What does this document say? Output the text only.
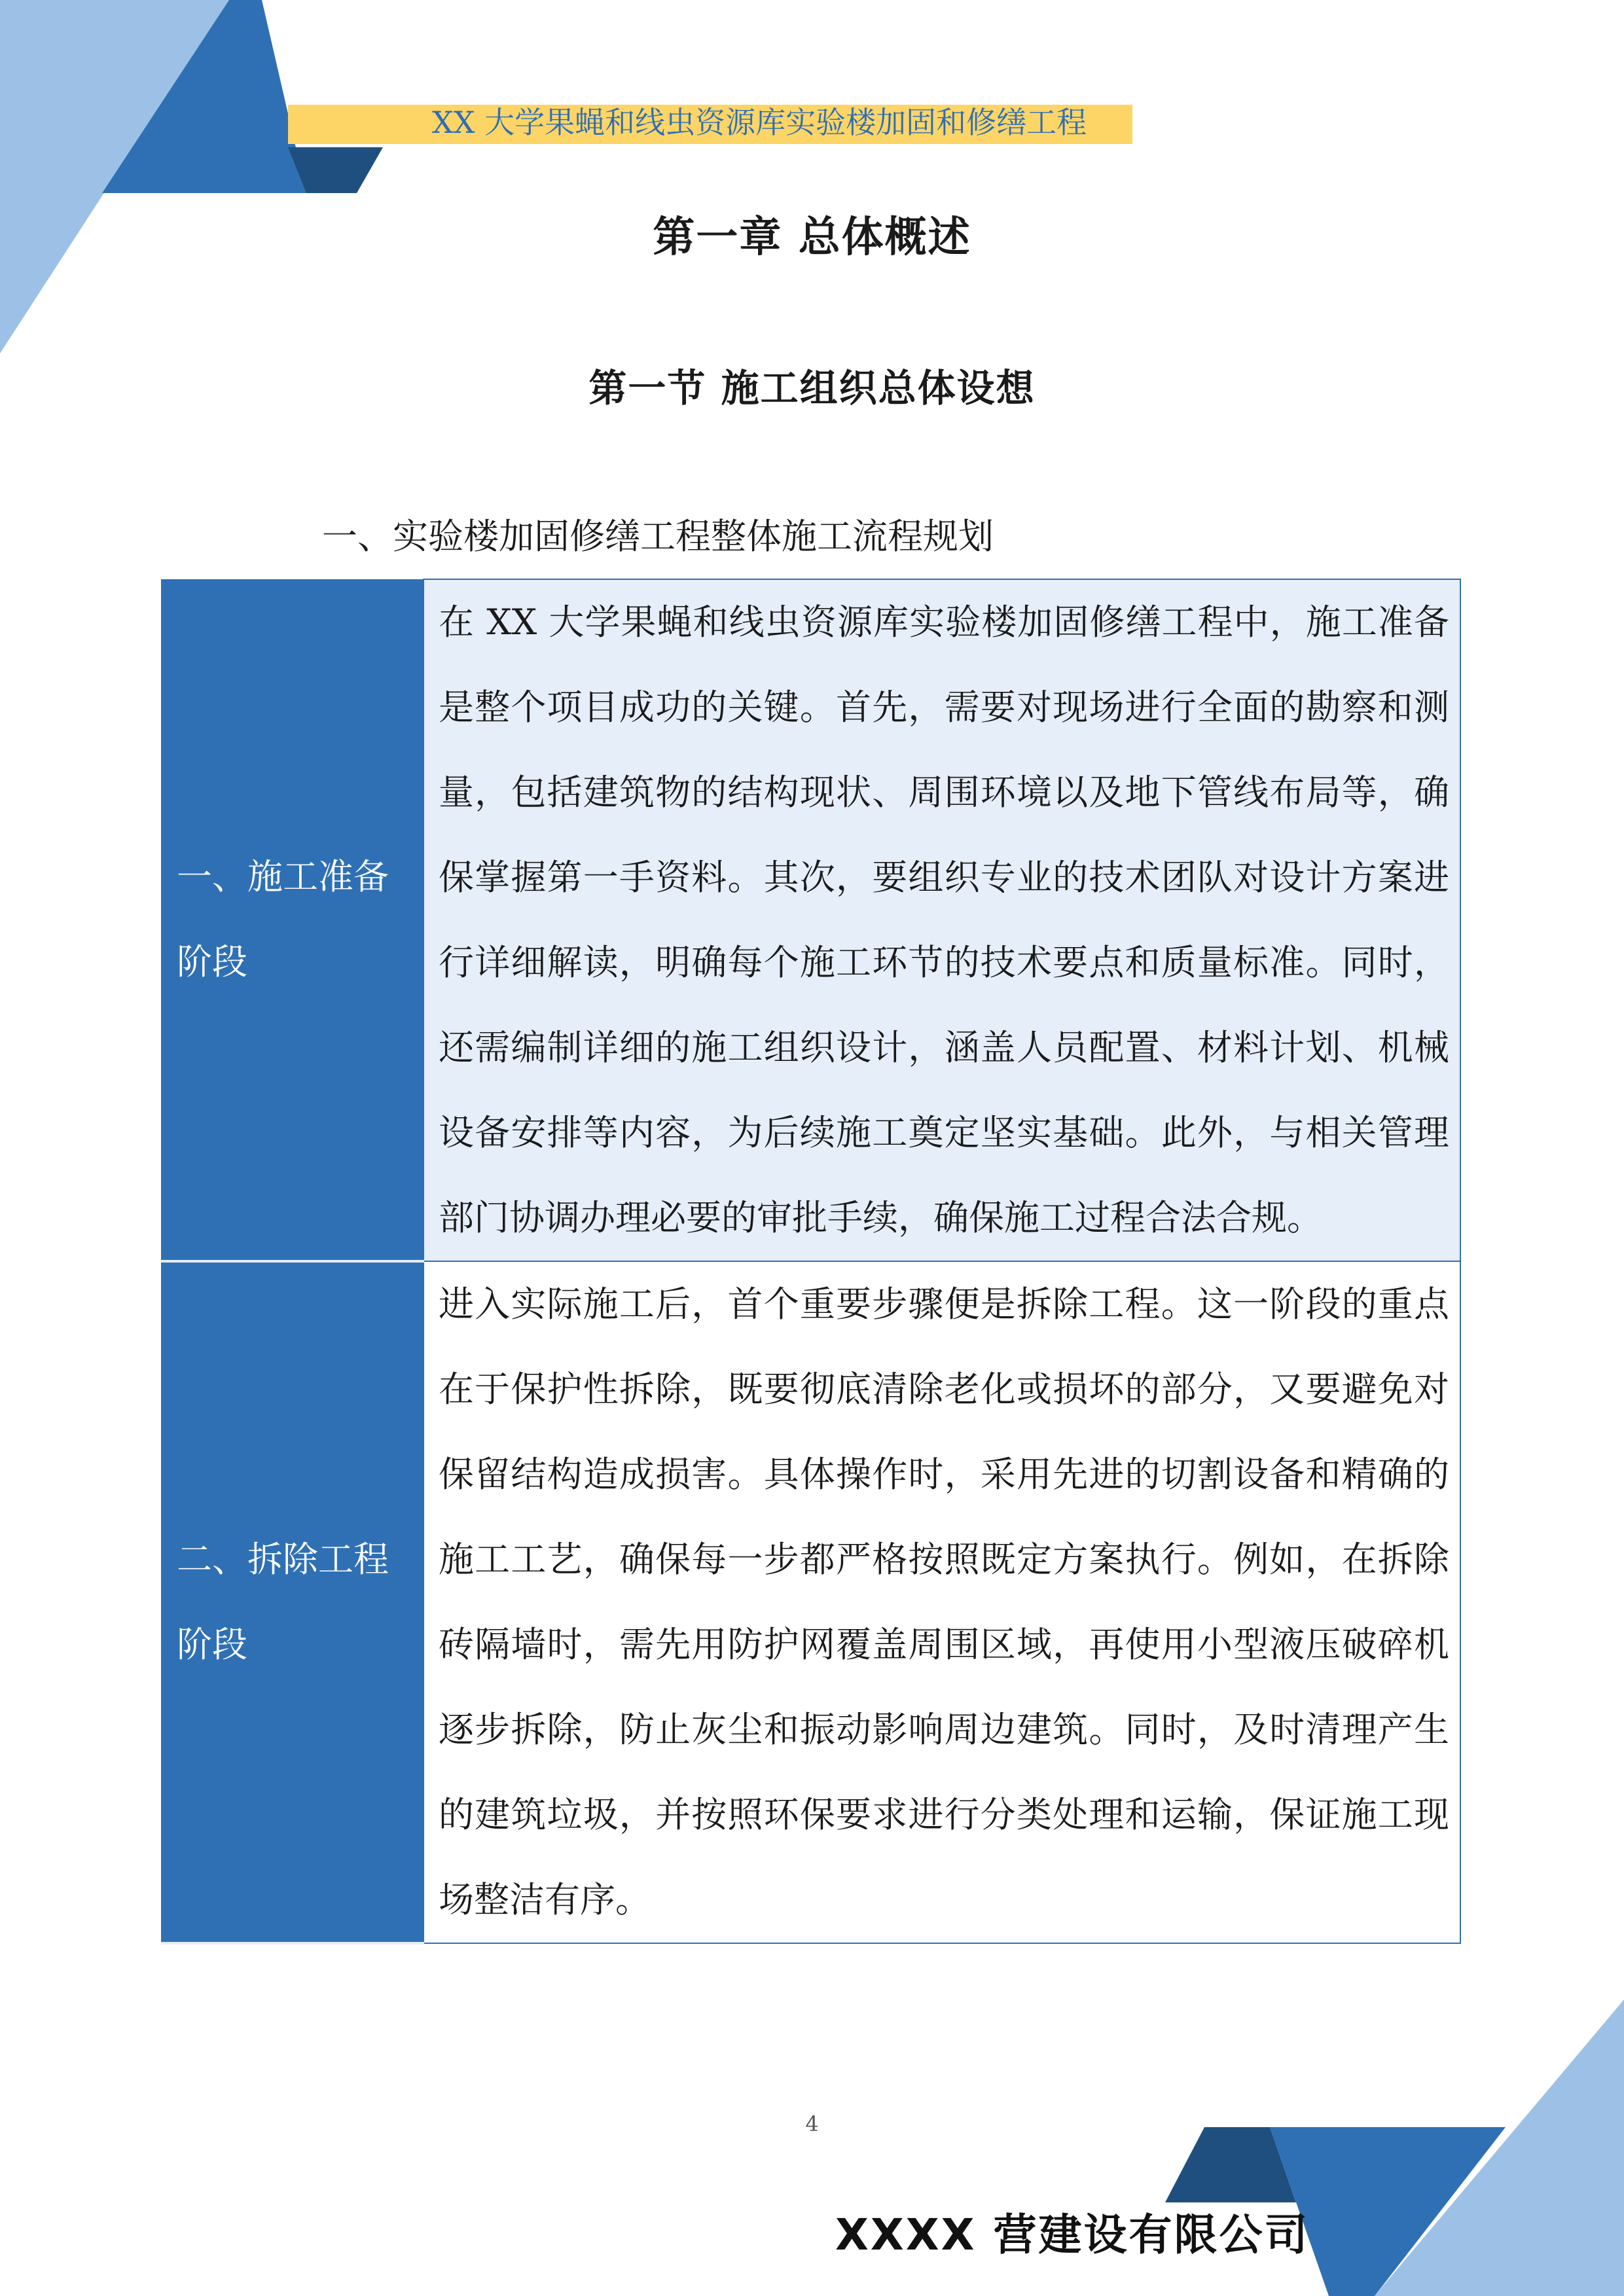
XX 大学果蝇和线虫资源库实验楼加固和修缮工程
第一章 总体概述
第一节 施工组织总体设想
一、实验楼加固修缮工程整体施工流程规划
一、施工准备阶段	在 XX 大学果蝇和线虫资源库实验楼加固修缮工程中，施工准备是整个项目成功的关键。首先，需要对现场进行全面的勘察和测量，包括建筑物的结构现状、周围环境以及地下管线布局等，确保掌握第一手资料。其次，要组织专业的技术团队对设计方案进行详细解读，明确每个施工环节的技术要点和质量标准。同时，还需编制详细的施工组织设计，涵盖人员配置、材料计划、机械设备安排等内容，为后续施工奠定坚实基础。此外，与相关管理部门协调办理必要的审批手续，确保施工过程合法合规。

二、拆除工程阶段	进入实际施工后，首个重要步骤便是拆除工程。这一阶段的重点在于保护性拆除，既要彻底清除老化或损坏的部分，又要避免对保留结构造成损害。具体操作时，采用先进的切割设备和精确的施工工艺，确保每一步都严格按照既定方案执行。例如，在拆除砖隔墙时，需先用防护网覆盖周围区域，再使用小型液压破碎机逐步拆除，防止灰尘和振动影响周边建筑。同时，及时清理产生的建筑垃圾，并按照环保要求进行分类处理和运输，保证施工现场整洁有序。
4
XXXX 营建设有限公司
